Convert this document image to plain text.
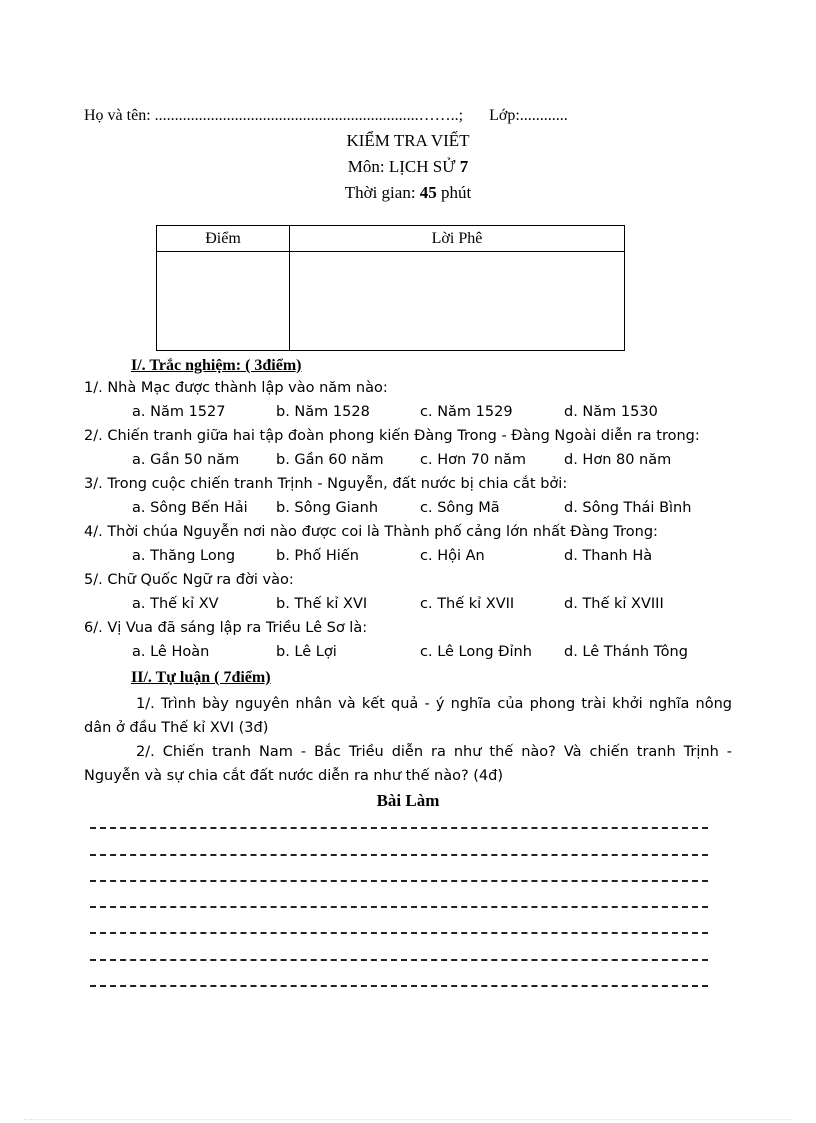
Họ và tên: ..................................................................……..; Lớp:............
KIỂM TRA VIẾT
Môn: LỊCH SỬ 7
Thời gian: 45 phút
Điểm	Lời Phê

I/. Trắc nghiệm: ( 3điểm)
1/. Nhà Mạc được thành lập vào năm nào:
a. Năm 1527	b. Năm 1528	c. Năm 1529	d. Năm 1530
2/. Chiến tranh giữa hai tập đoàn phong kiến Đàng Trong - Đàng Ngoài diễn ra trong:
a. Gần 50 năm	b. Gần 60 năm	c. Hơn 70 năm	d. Hơn 80 năm
3/. Trong cuộc chiến tranh Trịnh - Nguyễn, đất nước bị chia cắt bởi:
a. Sông Bến Hải b. Sông Gianh	c. Sông Mã	d. Sông Thái Bình
4/. Thời chúa Nguyễn nơi nào được coi là Thành phố cảng lớn nhất Đàng Trong:
a. Thăng Long	b. Phố Hiến	c. Hội An	d. Thanh Hà
5/. Chữ Quốc Ngữ ra đời vào:
a. Thế kỉ XV	b. Thế kỉ XVI	c. Thế kỉ XVII	d. Thế kỉ XVIII
6/. Vị Vua đã sáng lập ra Triều Lê Sơ là:
a. Lê Hoàn	b. Lê Lợi	c. Lê Long Đỉnh d. Lê Thánh Tông
II/. Tự luận ( 7điểm)
1/. Trình bày nguyên nhân và kết quả - ý nghĩa của phong trài khởi nghĩa nông dân ở đầu Thế kỉ XVI (3đ)
2/. Chiến tranh Nam - Bắc Triều diễn ra như thế nào? Và chiến tranh Trịnh - Nguyễn và sự chia cắt đất nước diễn ra như thế nào? (4đ)
Bài Làm
